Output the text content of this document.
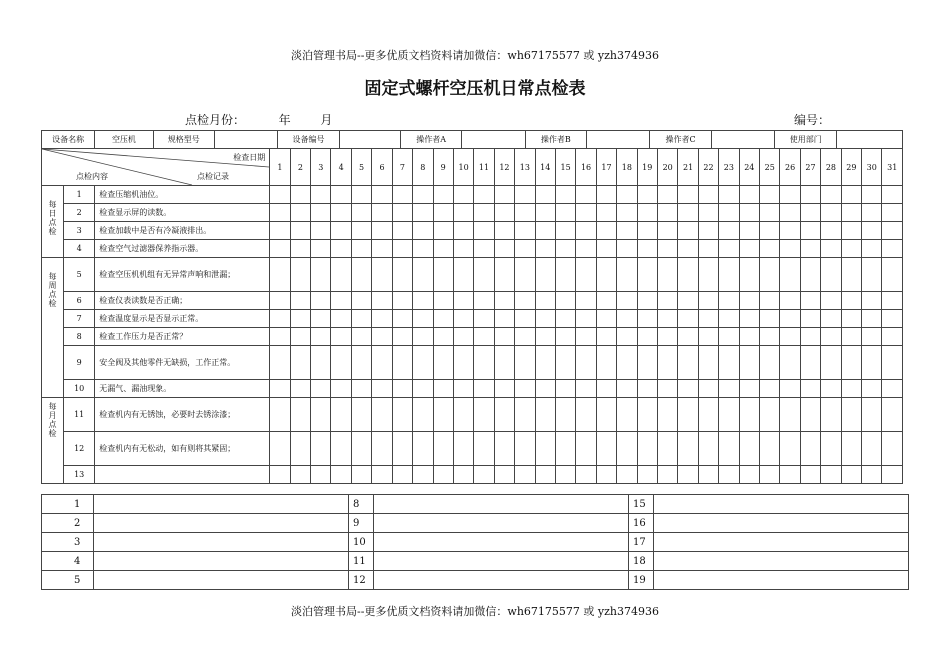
淡泊管理书局--更多优质文档资料请加微信：wh67175577 或 yzh374936
固定式螺杆空压机日常点检表
点检月份：	年 月	编号：
设备名称		空压机	规格型号		设备编号		操作者A		操作者B		操作者C		使用部门	

检查日期
点检内容	点检记录
	1	2	3	4	5	6	7	8	9	10	11	12	13	14	15	16	17	18	19	20	21	22	23	24	25	26	27	28	29	30	31

每日点检
	1	检查压缩机油位。																															
2	检查显示屏的读数。																															
3	检查加载中是否有冷凝液排出。																															
4	检查空气过滤器保养指示器。																															

每周点检	5	检查空压机机组有无异常声响和泄漏；																															
6	检查仪表读数是否正确；																															
7	检查温度显示是否显示正常。																															
8	检查工作压力是否正常？																															
9	安全阀及其他零件无缺损，工作正常。																															
10	无漏气、漏油现象。																															

每月点检	11	检查机内有无锈蚀，必要时去锈涂漆；																															
12	检查机内有无松动，如有则将其紧固；																															
13																																
1		8		15	
2		9		16	
3		10		17	
4		11		18	
5		12		19	
淡泊管理书局--更多优质文档资料请加微信：wh67175577 或 yzh374936
